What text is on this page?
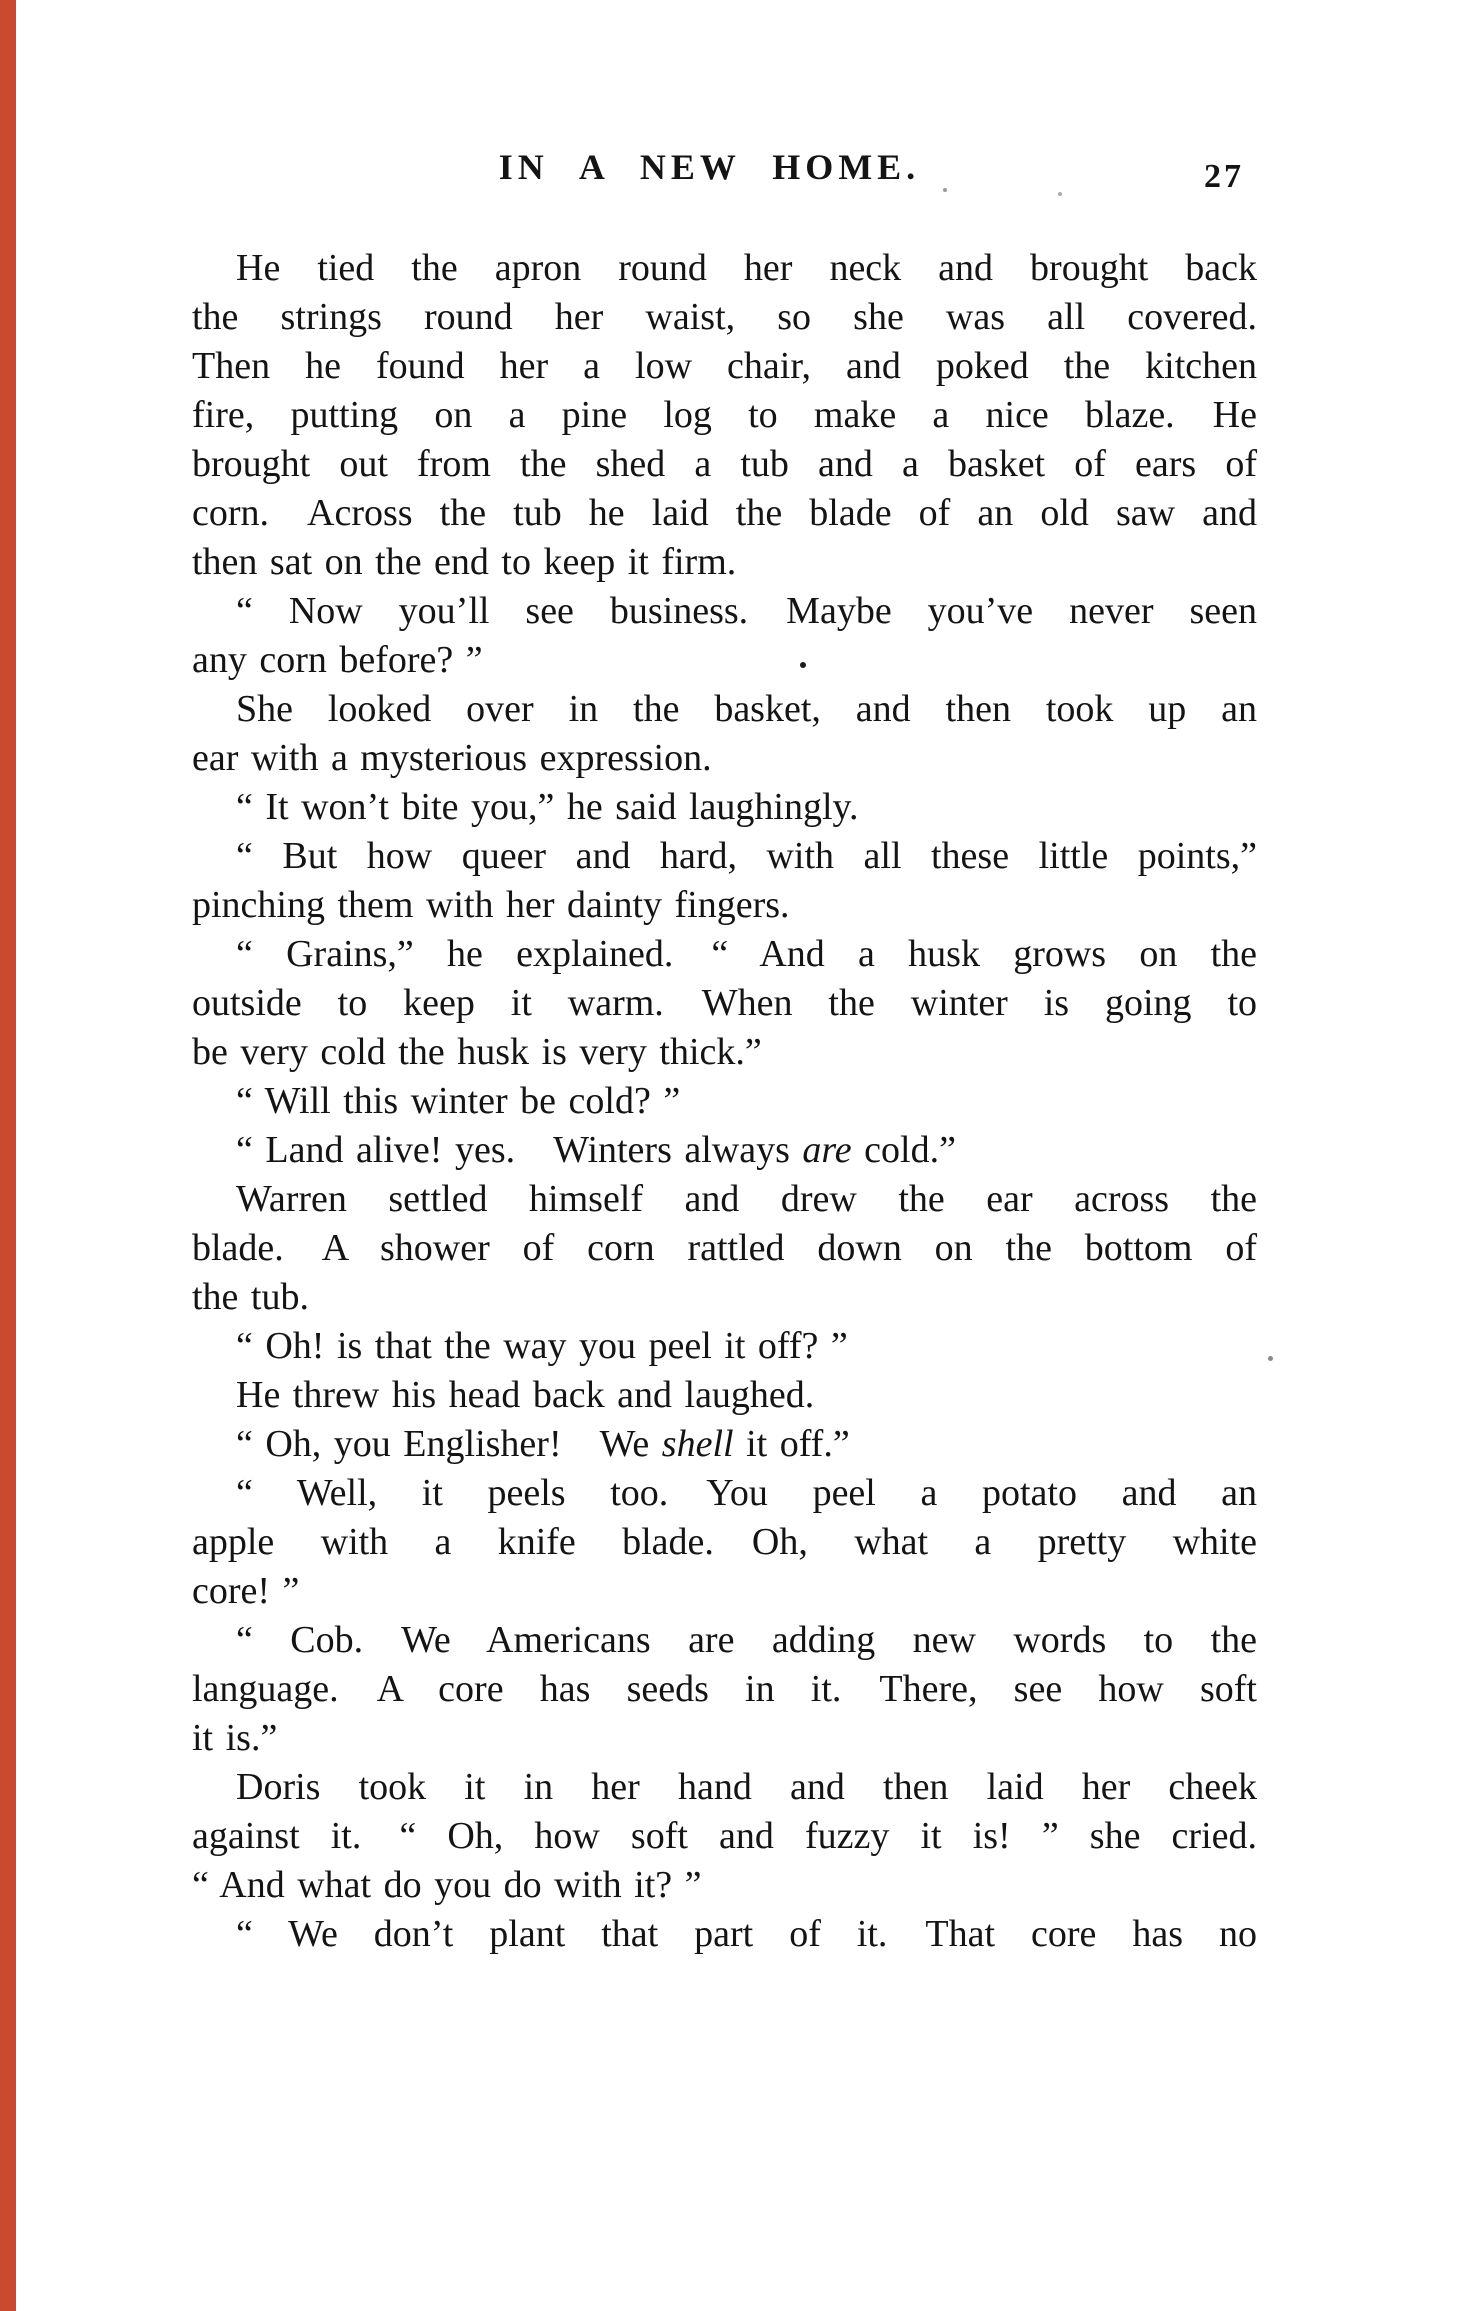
IN A NEW HOME.	27
He tied the apron round her neck and brought back
the strings round her waist, so she was all covered.
Then he found her a low chair, and poked the kitchen
fire, putting on a pine log to make a nice blaze. He
brought out from the shed a tub and a basket of ears of
corn. Across the tub he laid the blade of an old saw and
then sat on the end to keep it firm.
“ Now you’ll see business. Maybe you’ve never seen
any corn before? ”
She looked over in the basket, and then took up an
ear with a mysterious expression.
“ It won’t bite you,” he said laughingly.
“ But how queer and hard, with all these little points,”
pinching them with her dainty fingers.
“ Grains,” he explained. “ And a husk grows on the
outside to keep it warm. When the winter is going to
be very cold the husk is very thick.”
“ Will this winter be cold? ”
“ Land alive! yes. Winters always are cold.”
Warren settled himself and drew the ear across the
blade. A shower of corn rattled down on the bottom of
the tub.
“ Oh! is that the way you peel it off? ”
He threw his head back and laughed.
“ Oh, you Englisher! We shell it off.”
“ Well, it peels too. You peel a potato and an
apple with a knife blade. Oh, what a pretty white
core! ”
“ Cob. We Americans are adding new words to the
language. A core has seeds in it. There, see how soft
it is.”
Doris took it in her hand and then laid her cheek
against it. “ Oh, how soft and fuzzy it is! ” she cried.
“ And what do you do with it? ”
“ We don’t plant that part of it. That core has no
